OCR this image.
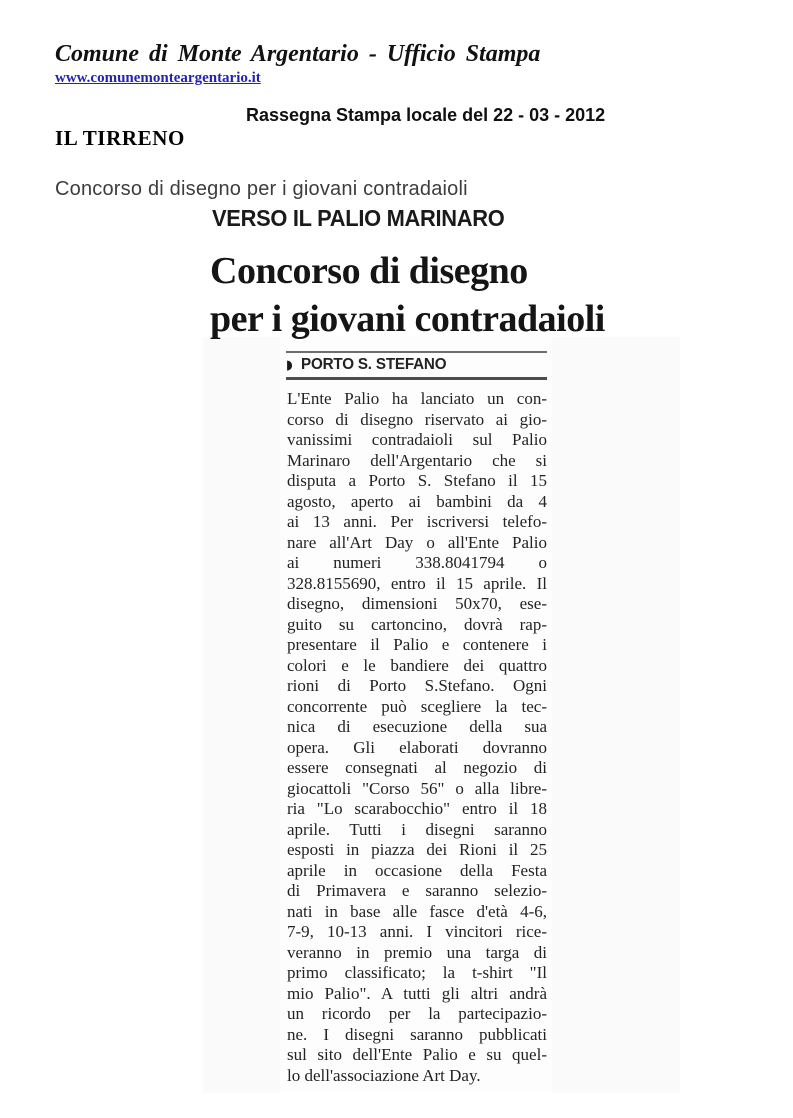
Comune di Monte Argentario - Ufficio Stampa
www.comunemonteargentario.it
Rassegna Stampa locale del 22 - 03 - 2012
IL TIRRENO
Concorso di disegno per i giovani contradaioli
VERSO IL PALIO MARINARO
Concorso di disegno
per i giovani contradaioli
◗ PORTO S. STEFANO
L'Ente Palio ha lanciato un con-
corso di disegno riservato ai gio-
vanissimi contradaioli sul Palio
Marinaro dell'Argentario che si
disputa a Porto S. Stefano il 15
agosto, aperto ai bambini da 4
ai 13 anni. Per iscriversi telefo-
nare all'Art Day o all'Ente Palio
ai numeri 338.8041794 o
328.8155690, entro il 15 aprile. Il
disegno, dimensioni 50x70, ese-
guito su cartoncino, dovrà rap-
presentare il Palio e contenere i
colori e le bandiere dei quattro
rioni di Porto S.Stefano. Ogni
concorrente può scegliere la tec-
nica di esecuzione della sua
opera. Gli elaborati dovranno
essere consegnati al negozio di
giocattoli "Corso 56" o alla libre-
ria "Lo scarabocchio" entro il 18
aprile. Tutti i disegni saranno
esposti in piazza dei Rioni il 25
aprile in occasione della Festa
di Primavera e saranno selezio-
nati in base alle fasce d'età 4-6,
7-9, 10-13 anni. I vincitori rice-
veranno in premio una targa di
primo classificato; la t-shirt "Il
mio Palio". A tutti gli altri andrà
un ricordo per la partecipazio-
ne. I disegni saranno pubblicati
sul sito dell'Ente Palio e su quel-
lo dell'associazione Art Day.
